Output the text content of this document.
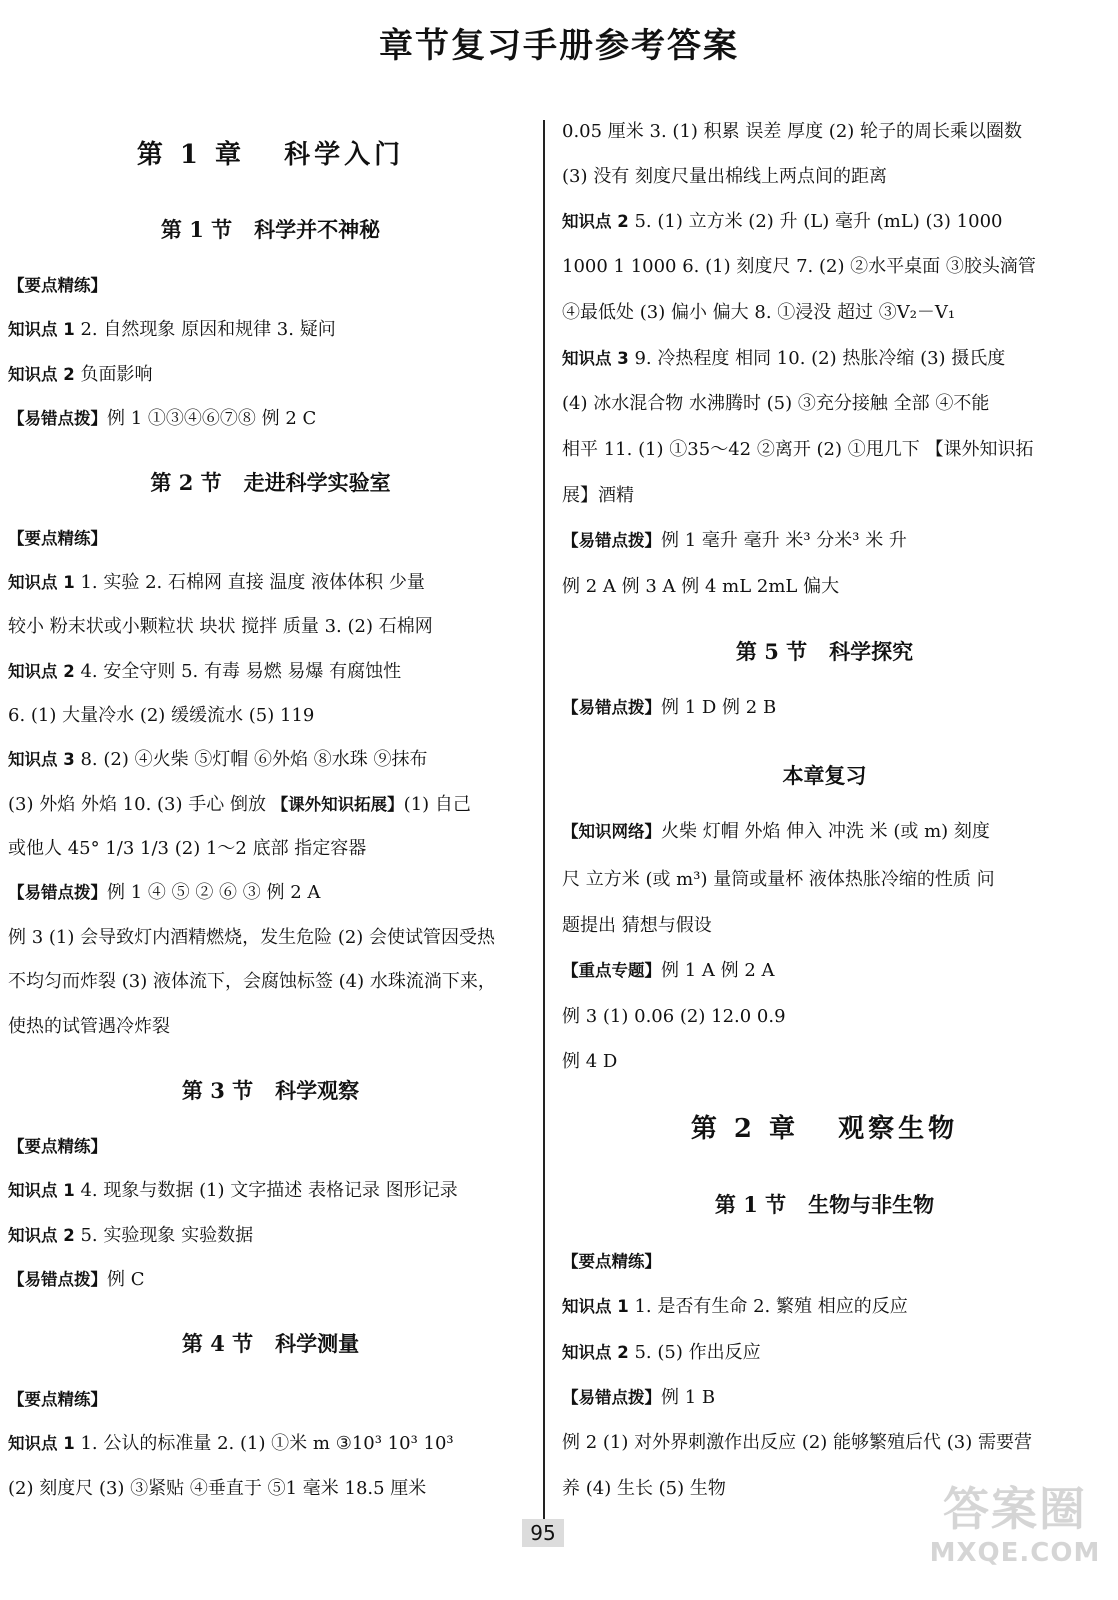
章节复习手册参考答案
第 1 章   科学入门
第 1 节   科学并不神秘
【要点精练】
知识点 1 2. 自然现象 原因和规律 3. 疑问
知识点 2 负面影响
【易错点拨】例 1 ①③④⑥⑦⑧ 例 2 C
第 2 节   走进科学实验室
【要点精练】
知识点 1 1. 实验 2. 石棉网 直接 温度 液体体积 少量
较小 粉末状或小颗粒状 块状 搅拌 质量 3. (2) 石棉网
知识点 2 4. 安全守则 5. 有毒 易燃 易爆 有腐蚀性
6. (1) 大量冷水 (2) 缓缓流水 (5) 119
知识点 3 8. (2) ④火柴 ⑤灯帽 ⑥外焰 ⑧水珠 ⑨抹布
(3) 外焰 外焰 10. (3) 手心 倒放 【课外知识拓展】(1) 自己
或他人 45° 1/3 1/3 (2) 1～2 底部 指定容器
【易错点拨】例 1 ④ ⑤ ② ⑥ ③ 例 2 A
例 3 (1) 会导致灯内酒精燃烧，发生危险 (2) 会使试管因受热
不均匀而炸裂 (3) 液体流下，会腐蚀标签 (4) 水珠流淌下来，
使热的试管遇冷炸裂
第 3 节   科学观察
【要点精练】
知识点 1 4. 现象与数据 (1) 文字描述 表格记录 图形记录
知识点 2 5. 实验现象 实验数据
【易错点拨】例 C
第 4 节   科学测量
【要点精练】
知识点 1 1. 公认的标准量 2. (1) ①米 m ③10³ 10³ 10³
(2) 刻度尺 (3) ③紧贴 ④垂直于 ⑤1 毫米 18.5 厘米
0.05 厘米 3. (1) 积累 误差 厚度 (2) 轮子的周长乘以圈数
(3) 没有 刻度尺量出棉线上两点间的距离
知识点 2 5. (1) 立方米 (2) 升 (L) 毫升 (mL) (3) 1000
1000 1 1000 6. (1) 刻度尺 7. (2) ②水平桌面 ③胶头滴管
④最低处 (3) 偏小 偏大 8. ①浸没 超过 ③V₂－V₁
知识点 3 9. 冷热程度 相同 10. (2) 热胀冷缩 (3) 摄氏度
(4) 冰水混合物 水沸腾时 (5) ③充分接触 全部 ④不能
相平 11. (1) ①35～42 ②离开 (2) ①甩几下 【课外知识拓
展】酒精
【易错点拨】例 1 毫升 毫升 米³ 分米³ 米 升
例 2 A 例 3 A 例 4 mL 2mL 偏大
第 5 节   科学探究
【易错点拨】例 1 D 例 2 B
本章复习
【知识网络】火柴 灯帽 外焰 伸入 冲洗 米 (或 m) 刻度
尺 立方米 (或 m³) 量筒或量杯 液体热胀冷缩的性质 问
题提出 猜想与假设
【重点专题】例 1 A 例 2 A
例 3 (1) 0.06 (2) 12.0 0.9
例 4 D
第 2 章   观察生物
第 1 节   生物与非生物
【要点精练】
知识点 1 1. 是否有生命 2. 繁殖 相应的反应
知识点 2 5. (5) 作出反应
【易错点拨】例 1 B
例 2 (1) 对外界刺激作出反应 (2) 能够繁殖后代 (3) 需要营
养 (4) 生长 (5) 生物
95	答案圈
MXQE.COM
